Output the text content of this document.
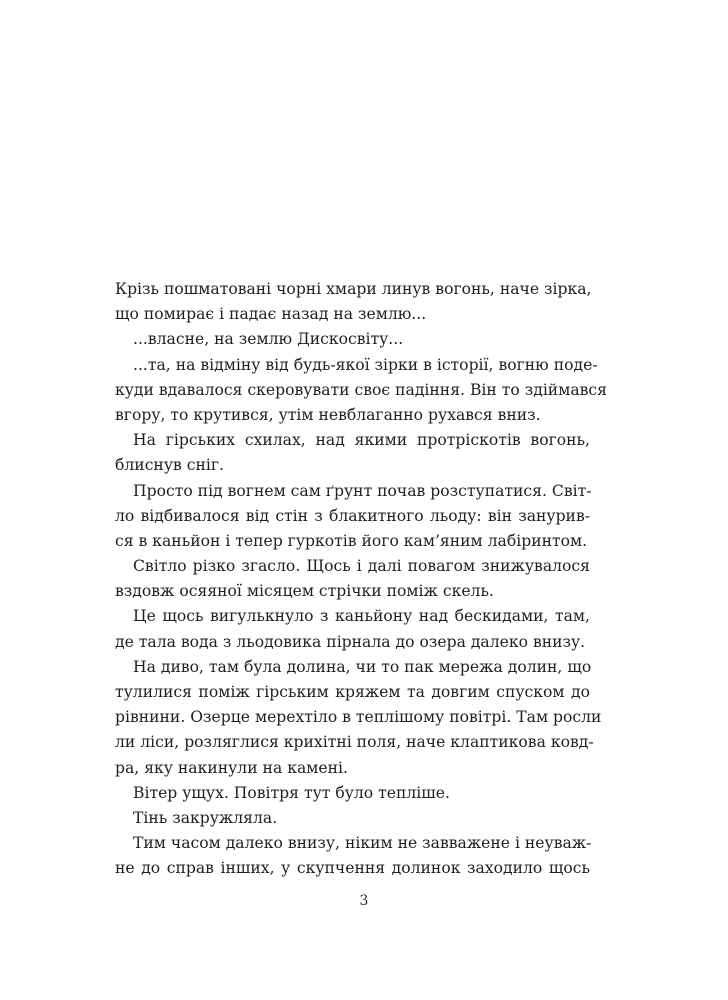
Крізь пошматовані чорні хмари линув вогонь, наче зірка,
що помирає і падає назад на землю...
...власне, на землю Дискосвіту...
...та, на відміну від будь-якої зірки в історії, вогню поде-
куди вдавалося скеровувати своє падіння. Він то здіймався
вгору, то крутився, утім невблаганно рухався вниз.
На гірських схилах, над якими протріскотів вогонь,
блиснув сніг.
Просто під вогнем сам ґрунт почав розступатися. Світ-
ло відбивалося від стін з блакитного льоду: він занурив-
ся в каньйон і тепер гуркотів його кам’яним лабіринтом.
Світло різко згасло. Щось і далі повагом знижувалося
вздовж осяяної місяцем стрічки поміж скель.
Це щось вигулькнуло з каньйону над бескидами, там,
де тала вода з льодовика пірнала до озера далеко внизу.
На диво, там була долина, чи то пак мережа долин, що
тулилися поміж гірським кряжем та довгим спуском до
рівнини. Озерце мерехтіло в теплішому повітрі. Там росли
ли ліси, розляглися крихітні поля, наче клаптикова ковд-
ра, яку накинули на камені.
Вітер ущух. Повітря тут було тепліше.
Тінь закружляла.
Тим часом далеко внизу, ніким не завважене і неуваж-
не до справ інших, у скупчення долинок заходило щось
3
